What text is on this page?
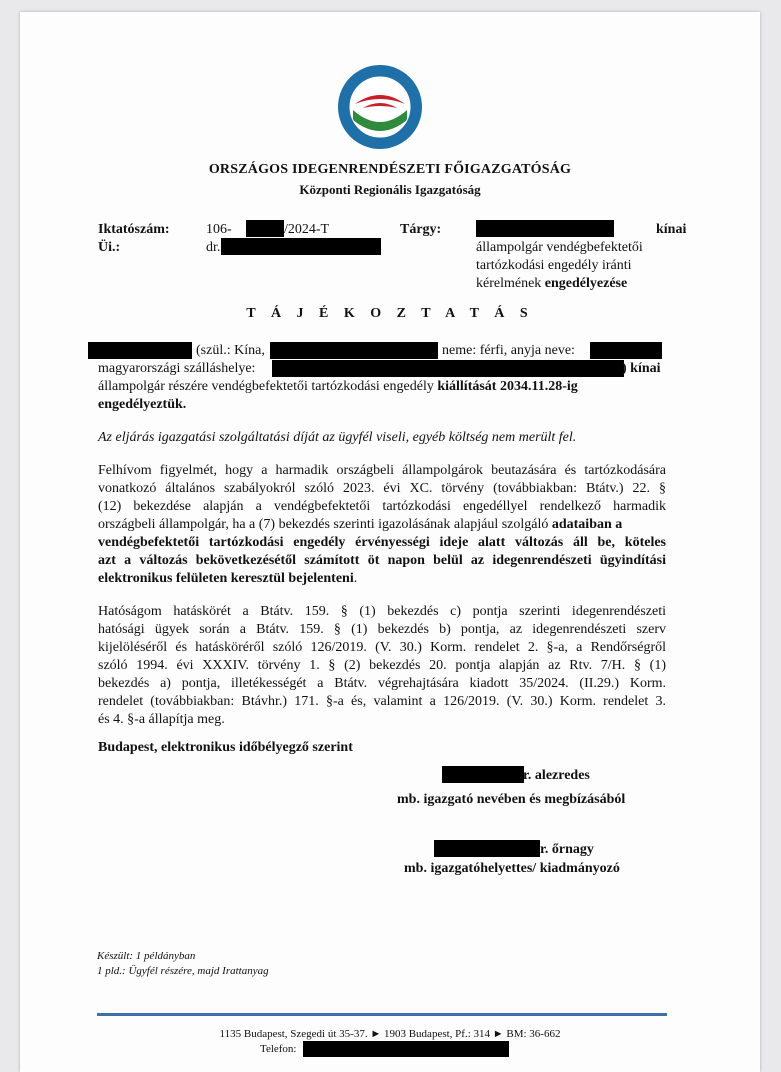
ORSZÁGOS IDEGENRENDÉSZETI FŐIGAZGATÓSÁG
Központi Regionális Igazgatóság
Iktatószám:	106-	/2024-T
Üi.:	dr.
Tárgy:	kínai
állampolgár vendégbefektetői
tartózkodási engedély iránti
kérelmének engedélyezése
T Á J É K O Z T A T Á S
(szül.: Kína,	neme: férfi, anyja neve:
magyarországi szálláshelye:	) kínai
állampolgár részére vendégbefektetői tartózkodási engedély kiállítását 2034.11.28-ig
engedélyeztük.
Az eljárás igazgatási szolgáltatási díját az ügyfél viseli, egyéb költség nem merült fel.
Felhívom figyelmét, hogy a harmadik országbeli állampolgárok beutazására és tartózkodására
vonatkozó általános szabályokról szóló 2023. évi XC. törvény (továbbiakban: Btátv.) 22. §
(12) bekezdése alapján a vendégbefektetői tartózkodási engedéllyel rendelkező harmadik
országbeli állampolgár, ha a (7) bekezdés szerinti igazolásának alapjául szolgáló adataiban a
vendégbefektetői tartózkodási engedély érvényességi ideje alatt változás áll be, köteles
azt a változás bekövetkezésétől számított öt napon belül az idegenrendészeti ügyindítási
elektronikus felületen keresztül bejelenteni.
Hatóságom hatáskörét a Btátv. 159. § (1) bekezdés c) pontja szerinti idegenrendészeti
hatósági ügyek során a Btátv. 159. § (1) bekezdés b) pontja, az idegenrendészeti szerv
kijelöléséről és hatásköréről szóló 126/2019. (V. 30.) Korm. rendelet 2. §-a, a Rendőrségről
szóló 1994. évi XXXIV. törvény 1. § (2) bekezdés 20. pontja alapján az Rtv. 7/H. § (1)
bekezdés a) pontja, illetékességét a Btátv. végrehajtására kiadott 35/2024. (II.29.) Korm.
rendelet (továbbiakban: Btávhr.) 171. §-a és, valamint a 126/2019. (V. 30.) Korm. rendelet 3.
és 4. §-a állapítja meg.
Budapest, elektronikus időbélyegző szerint
r. alezredes
mb. igazgató nevében és megbízásából
r. őrnagy
mb. igazgatóhelyettes/ kiadmányozó
Készült: 1 példányban
1 pld.: Ügyfél részére, majd Irattanyag
1135 Budapest, Szegedi út 35-37. ► 1903 Budapest, Pf.: 314 ► BM: 36-662
Telefon:
